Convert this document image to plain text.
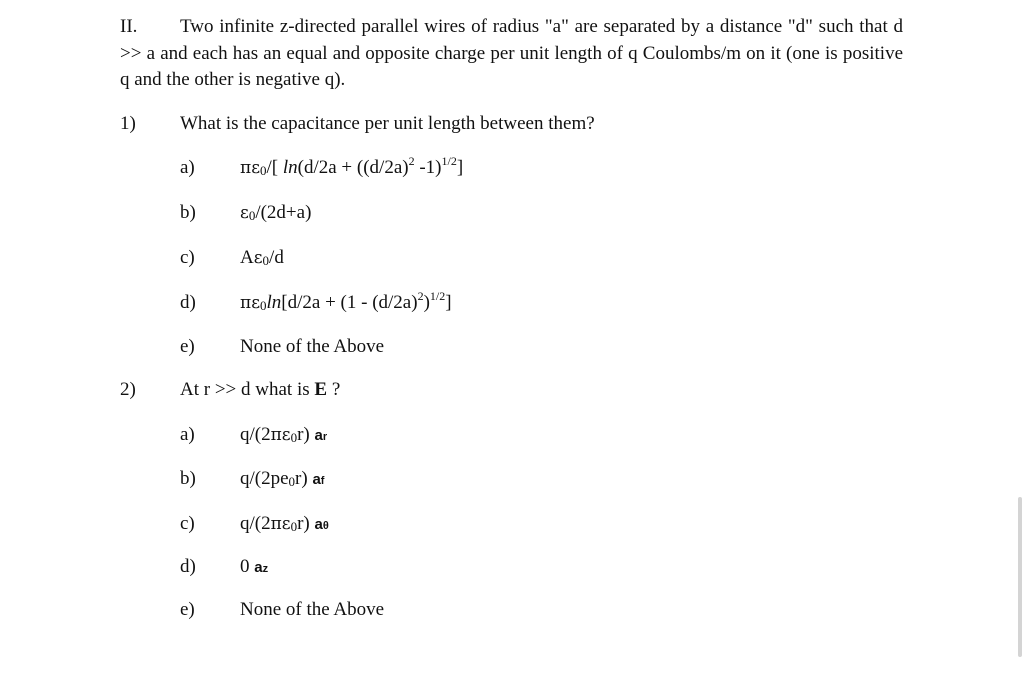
II. Two infinite z-directed parallel wires of radius "a" are separated by a distance "d" such that d >> a and each has an equal and opposite charge per unit length of q Coulombs/m on it (one is positive q and the other is negative q).
1) What is the capacitance per unit length between them?
a)	πε0/[ $\ln(d/2a + ((d/2a)^2$ -1)$^{1/2}$]
b)	ε0/(2d+a)
c) Aε0/d
d)	$\pi\varepsilon 0\ln[d/2a + (1 - (d/2a)^2)^{1/2}]$
e) None of the Above
2) At r >> d what is E ?
a) q/(2πε0r) ar
b) q/(2pe0r) af
c) q/(2πε0r) aθ
d) 0 az
e) None of the Above
